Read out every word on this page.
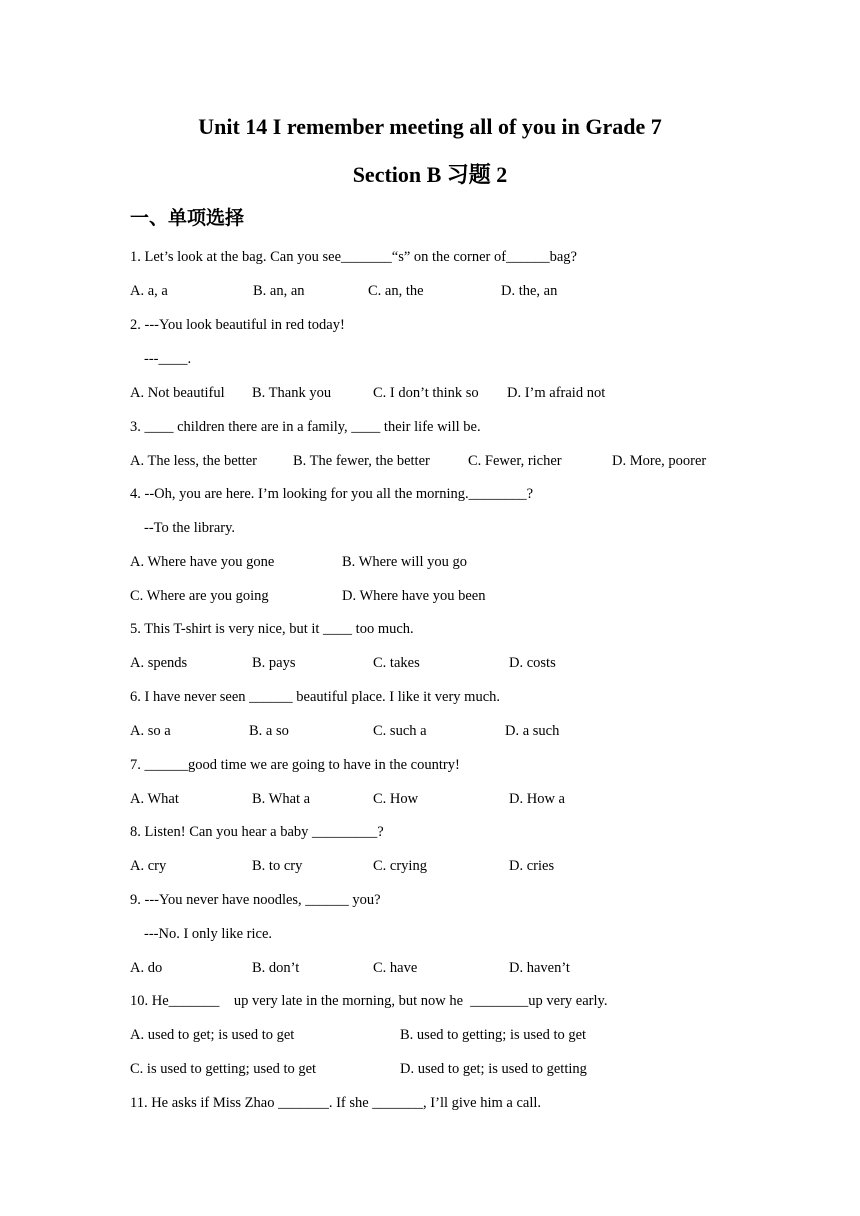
Unit 14 I remember meeting all of you in Grade 7
Section B 习题 2
一、单项选择
1. Let’s look at the bag. Can you see_______“s” on the corner of______bag?
A. a, a	B. an, an	C. an, the	D. the, an
2. ---You look beautiful in red today!
---____.
A. Not beautiful B. Thank you	C. I don’t think so D. I’m afraid not
3. ____ children there are in a family, ____ their life will be.
A. The less, the better B. The fewer, the better	C. Fewer, richer	D. More, poorer
4. --Oh, you are here. I’m looking for you all the morning.________?
--To the library.
A. Where have you gone	B. Where will you go
C. Where are you going	D. Where have you been
5. This T-shirt is very nice, but it ____ too much.
A. spends	B. pays	C. takes	D. costs
6. I have never seen ______ beautiful place. I like it very much.
A. so a	B. a so	C. such a	D. a such
7. ______good time we are going to have in the country!
A. What	B. What a	C. How	D. How a
8. Listen! Can you hear a baby _________?
A. cry	B. to cry	C. crying	D. cries
9. ---You never have noodles, ______ you?
---No. I only like rice.
A. do	B. don’t	C. have	D. haven’t
10. He_______    up very late in the morning, but now he  ________up very early.
A. used to get; is used to get	B. used to getting; is used to get
C. is used to getting; used to get	D. used to get; is used to getting
11. He asks if Miss Zhao _______. If she _______, I’ll give him a call.
